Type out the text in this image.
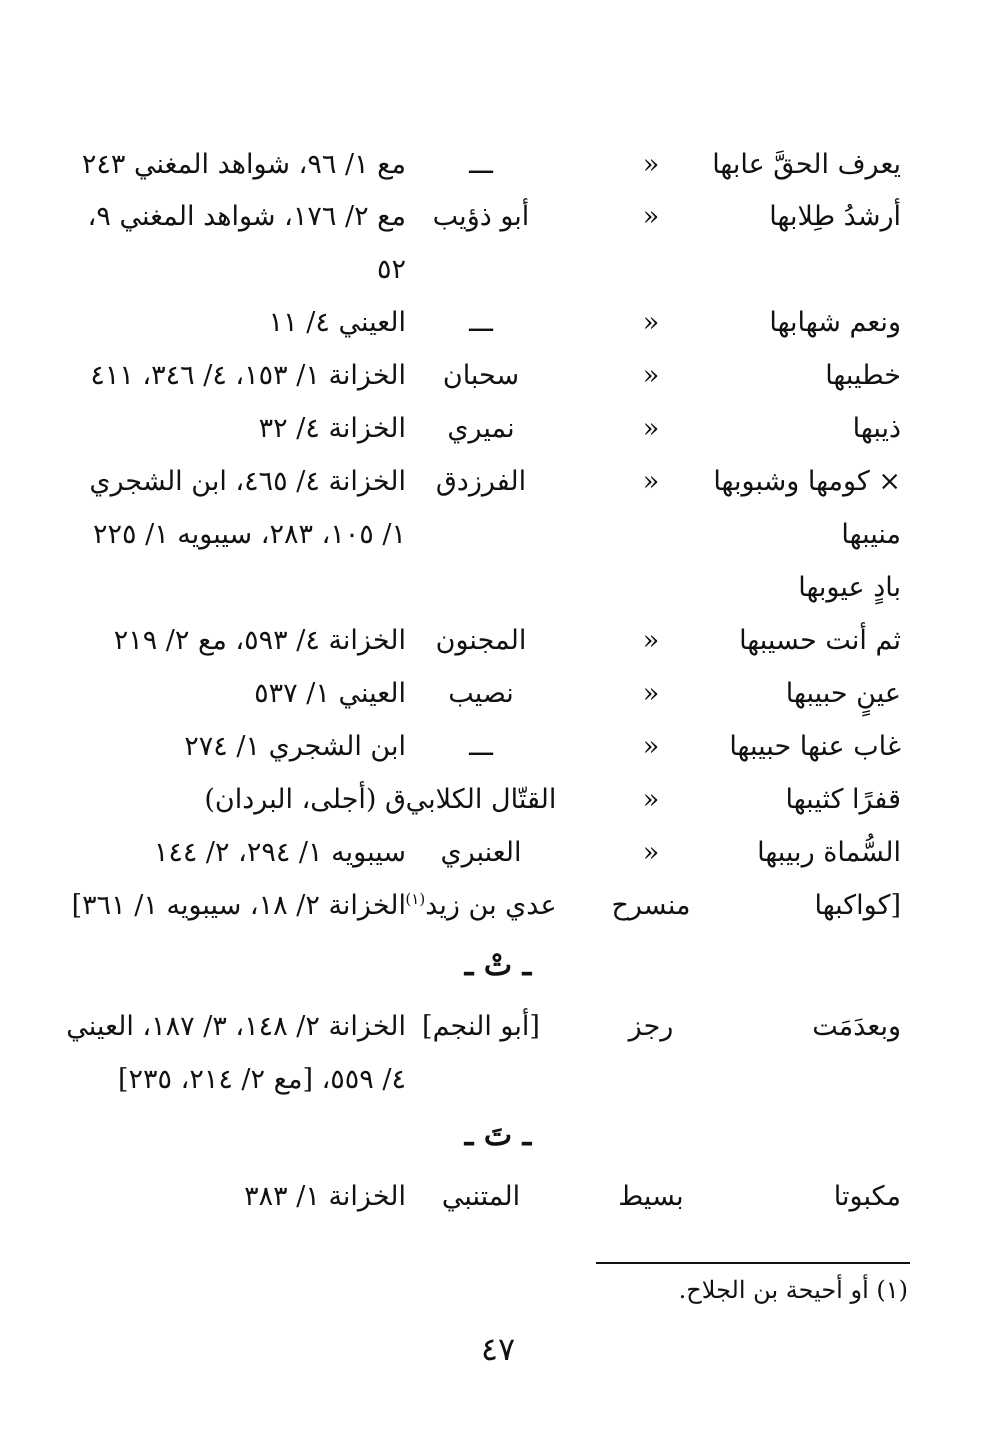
يعرف الحقَّ عابها
«
ـــ
مع ١/ ٩٦، شواهد المغني ٢٤٣
أرشدُ طِلابها
«
أبو ذؤيب
مع ٢/ ١٧٦، شواهد المغني ٩،
٥٢
ونعم شهابها
«
ـــ
العيني ٤/ ١١
خطيبها
«
سحبان
الخزانة ١/ ١٥٣، ٤/ ٣٤٦، ٤١١
ذيبها
«
نميري
الخزانة ٤/ ٣٢
× كومها وشبوبها
«
الفرزدق
الخزانة ٤/ ٤٦٥، ابن الشجري
منيبها
١/ ١٠٥، ٢٨٣، سيبويه ١/ ٢٢٥
بادٍ عيوبها
ثم أنت حسيبها
«
المجنون
الخزانة ٤/ ٥٩٣، مع ٢/ ٢١٩
عينٍ حبيبها
«
نصيب
العيني ١/ ٥٣٧
غاب عنها حبيبها
«
ـــ
ابن الشجري ١/ ٢٧٤
قفرًا كثيبها
«
القتّال الكلابي
ق (أجلى، البردان)
السُّماة ربيبها
«
العنبري
سيبويه ١/ ٢٩٤، ٢/ ١٤٤
[كواكبها
منسرح
عدي بن زيد$^{(١)}$
الخزانة ٢/ ١٨، سيبويه ١/ ٣٦١]
ـ تْ ـ
وبعدَمَت
رجز
[أبو النجم]
الخزانة ٢/ ١٤٨، ٣/ ١٨٧، العيني
٤/ ٥٥٩، [مع ٢/ ٢١٤، ٢٣٥]
ـ تَ ـ
مكبوتا
بسيط
المتنبي
الخزانة ١/ ٣٨٣
(١) أو أحيحة بن الجلاح.
٤٧
